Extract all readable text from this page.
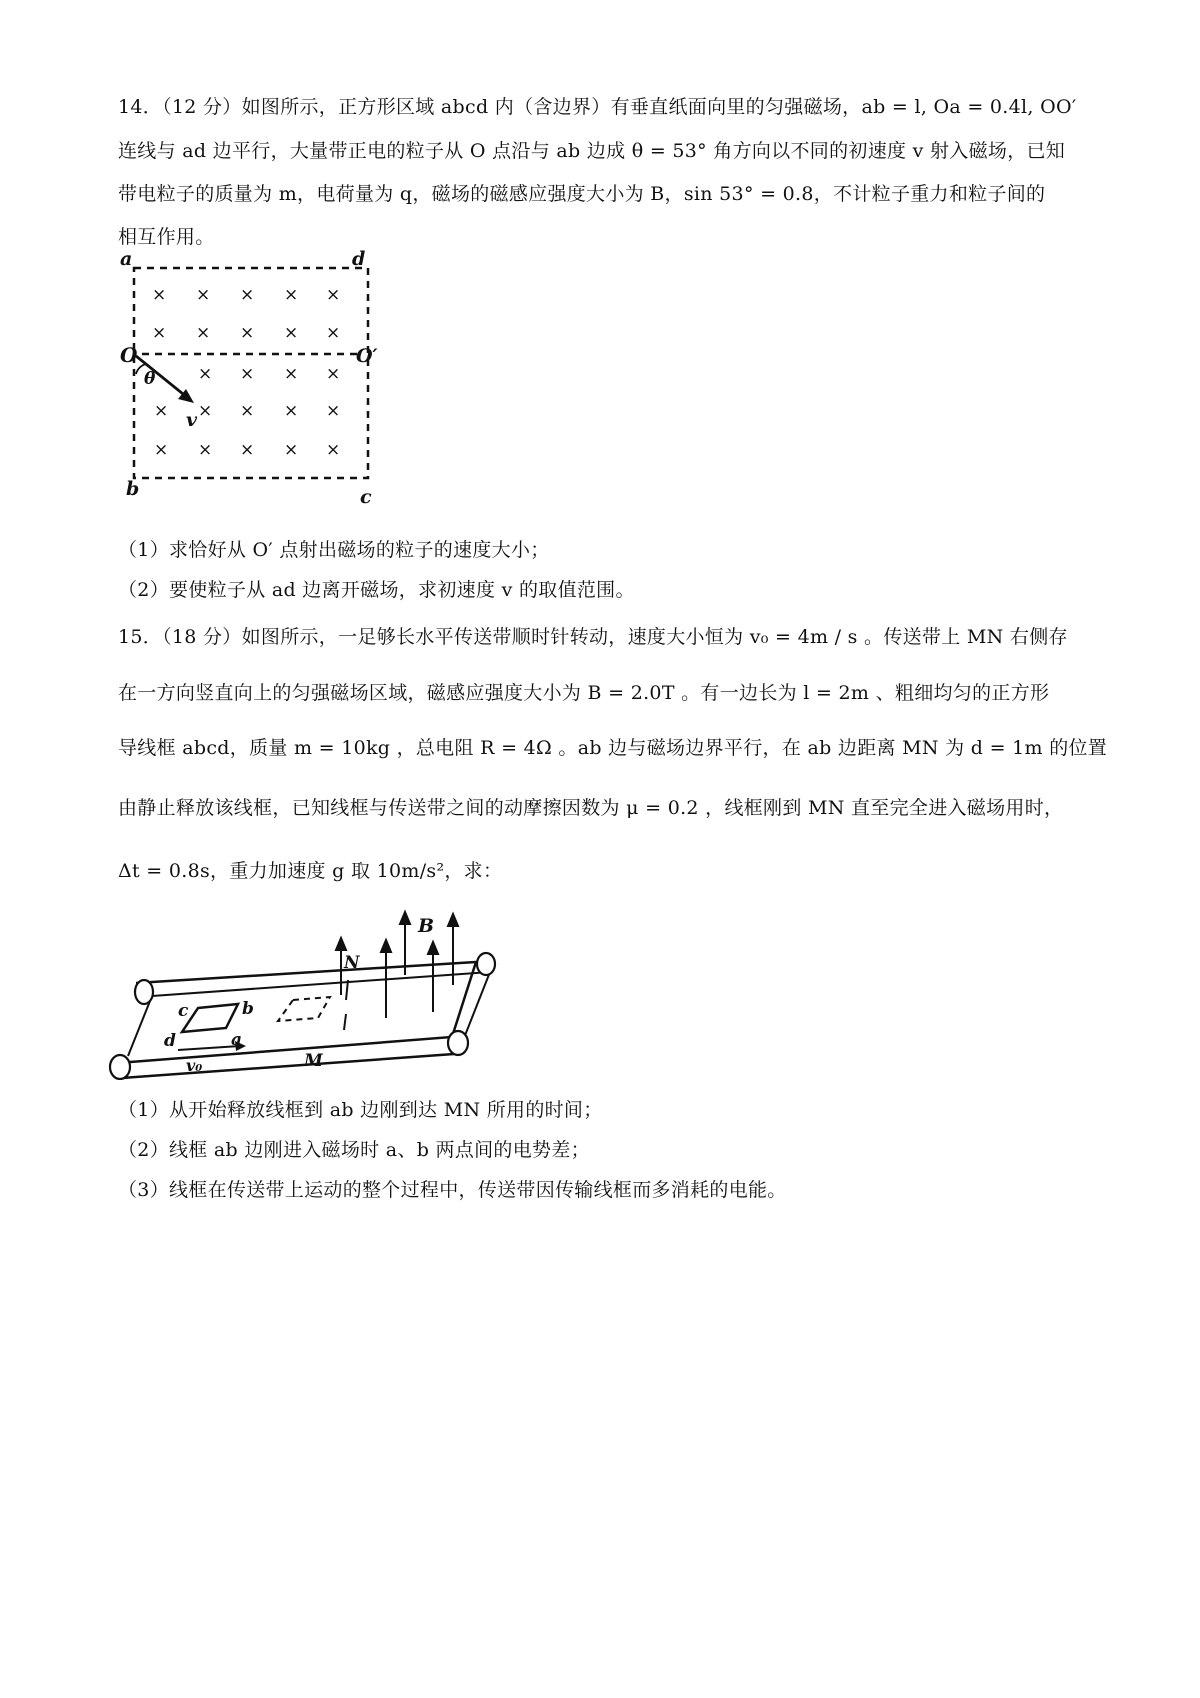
14．（12 分）如图所示，正方形区域 abcd 内（含边界）有垂直纸面向里的匀强磁场，ab = l, Oa = 0.4l, OO′
连线与 ad 边平行，大量带正电的粒子从 O 点沿与 ab 边成 θ = 53° 角方向以不同的初速度 v 射入磁场，已知
带电粒子的质量为 m，电荷量为 q，磁场的磁感应强度大小为 B，sin 53° = 0.8，不计粒子重力和粒子间的
相互作用。
× × × × ×
× × × × ×
× × × ×
× × × × ×
× × × × ×
a	d
O	O′
θ
v
b	c
（1）求恰好从 O′ 点射出磁场的粒子的速度大小；
（2）要使粒子从 ad 边离开磁场，求初速度 v 的取值范围。
15．（18 分）如图所示，一足够长水平传送带顺时针转动，速度大小恒为 v₀ = 4m / s 。传送带上 MN 右侧存
在一方向竖直向上的匀强磁场区域，磁感应强度大小为 B = 2.0T 。有一边长为 l = 2m 、粗细均匀的正方形
导线框 abcd，质量 m = 10kg ，总电阻 R = 4Ω 。ab 边与磁场边界平行，在 ab 边距离 MN 为 d = 1m 的位置
由静止释放该线框，已知线框与传送带之间的动摩擦因数为 μ = 0.2 ，线框刚到 MN 直至完全进入磁场用时，
Δt = 0.8s，重力加速度 g 取 10m/s²，求：
B
N
M
c	b
d	a
v₀
（1）从开始释放线框到 ab 边刚到达 MN 所用的时间；
（2）线框 ab 边刚进入磁场时 a、b 两点间的电势差；
（3）线框在传送带上运动的整个过程中，传送带因传输线框而多消耗的电能。
